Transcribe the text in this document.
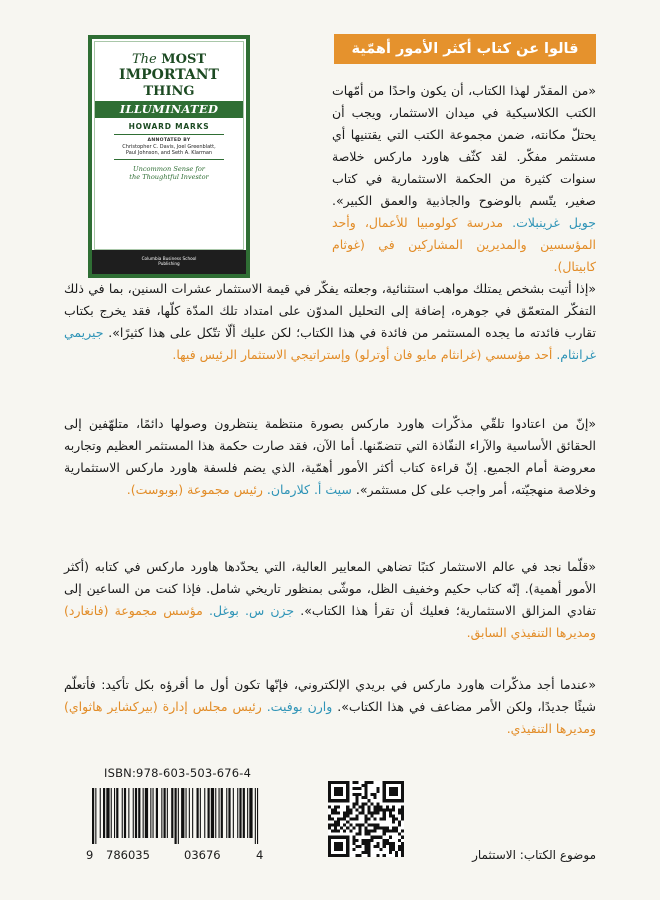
The MOST
IMPORTANT
THING
ILLUMINATED
HOWARD MARKS
ANNOTATED BY
Christopher C. Davis, Joel Greenblatt,
Paul Johnson, and Seth A. Klarman
Uncommon Sense for
the Thoughtful Investor
Columbia Business School
Publishing
قالوا عن كتاب أكثر الأمور أهمّية
«من المقدّر لهذا الكتاب، أن يكون واحدًا من أمّهات الكتب الكلاسيكية في ميدان الاستثمار، ويجب أن يحتلّ مكانته، ضمن مجموعة الكتب التي يقتنيها أي مستثمر مفكّر. لقد كثّف هاورد ماركس خلاصة سنوات كثيرة من الحكمة الاستثمارية في كتاب صغير، يتّسم بالوضوح والجاذبية والعمق الكبير». جويل غرينبلات. مدرسة كولومبيا للأعمال، وأحد المؤسسين والمديرين المشاركين في (غوثام كابيتال).
«إذا أتيت بشخص يمتلك مواهب استثنائية، وجعلته يفكّر في قيمة الاستثمار عشرات السنين، بما في ذلك التفكّر المتعمّق في جوهره، إضافة إلى التحليل المدوّن على امتداد تلك المدّة كلّها، فقد يخرج بكتاب تقارب فائدته ما يجده المستثمر من فائدة في هذا الكتاب؛ لكن عليك ألّا تتّكل على هذا كثيرًا». جيريمي غرانثام. أحد مؤسسي (غرانثام مايو فان أوترلو) وإستراتيجي الاستثمار الرئيس فيها.
«إنّ من اعتادوا تلقّي مذكّرات هاورد ماركس بصورة منتظمة ينتظرون وصولها دائمًا، متلهّفين إلى الحقائق الأساسية والآراء النفّاذة التي تتضمّنها. أما الآن، فقد صارت حكمة هذا المستثمر العظيم وتجاربه معروضة أمام الجميع. إنّ قراءة كتاب أكثر الأمور أهمّية، الذي يضم فلسفة هاورد ماركس الاستثمارية وخلاصة منهجيّته، أمر واجب على كل مستثمر». سيث أ. كلارمان. رئيس مجموعة (بوبوست).
«قلّما نجد في عالم الاستثمار كتبًا تضاهي المعايير العالية، التي يحدّدها هاورد ماركس في كتابه (أكثر الأمور أهمية). إنّه كتاب حكيم وخفيف الظل، موشّى بمنظور تاريخي شامل. فإذا كنت من الساعين إلى تفادي المزالق الاستثمارية؛ فعليك أن تقرأ هذا الكتاب». جزن س. بوغل. مؤسس مجموعة (فانغارد) ومديرها التنفيذي السابق.
«عندما أجد مذكّرات هاورد ماركس في بريدي الإلكتروني، فإنّها تكون أول ما أقرؤه بكل تأكيد: فأتعلّم شيئًا جديدًا، ولكن الأمر مضاعف في هذا الكتاب». وارن بوفيت. رئيس مجلس إدارة (بيركشاير هاثواي) ومديرها التنفيذي.
ISBN:978-603-503-676-4
9 786035	03676	4	موضوع الكتاب: الاستثمار
